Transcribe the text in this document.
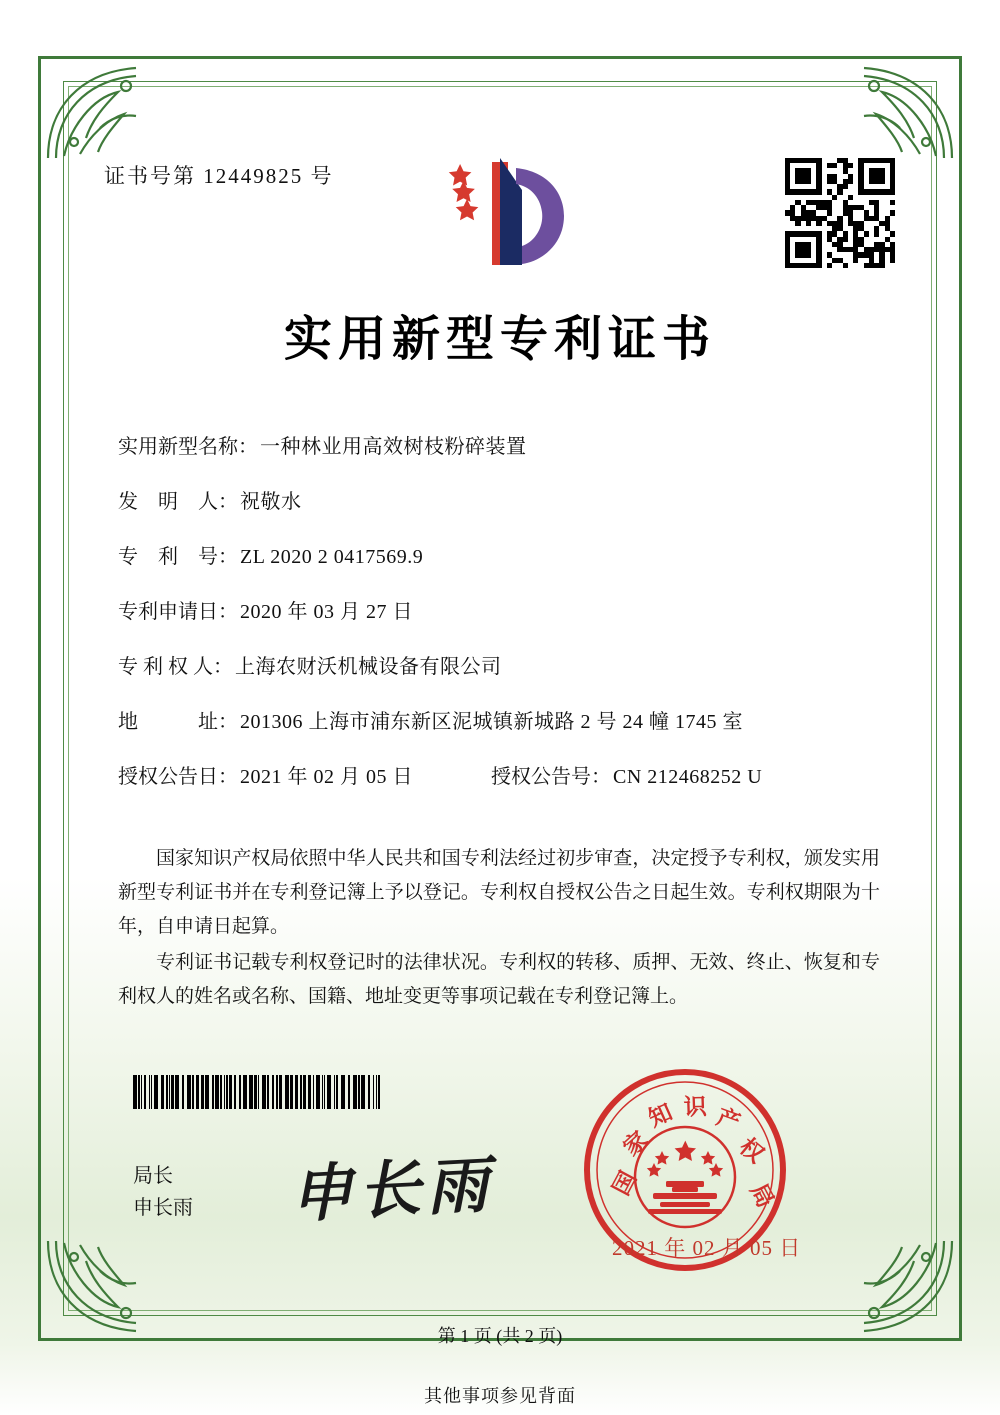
证书号第 12449825 号
实用新型专利证书
实用新型名称： 一种林业用高效树枝粉碎装置
发　明　人： 祝敬水
专　利　号： ZL 2020 2 0417569.9
专利申请日： 2020 年 03 月 27 日
专 利 权 人： 上海农财沃机械设备有限公司
地　　　址： 201306 上海市浦东新区泥城镇新城路 2 号 24 幢 1745 室
授权公告日： 2021 年 02 月 05 日	授权公告号： CN 212468252 U

国家知识产权局依照中华人民共和国专利法经过初步审查，决定授予专利权，颁发实用新型专利证书并在专利登记簿上予以登记。专利权自授权公告之日起生效。专利权期限为十年，自申请日起算。

专利证书记载专利权登记时的法律状况。专利权的转移、质押、无效、终止、恢复和专利权人的姓名或名称、国籍、地址变更等事项记载在专利登记簿上。

局长
申长雨 申长雨	国
家
知 识 产
权
局
2021 年 02 月 05 日
第 1 页 (共 2 页)
其他事项参见背面
